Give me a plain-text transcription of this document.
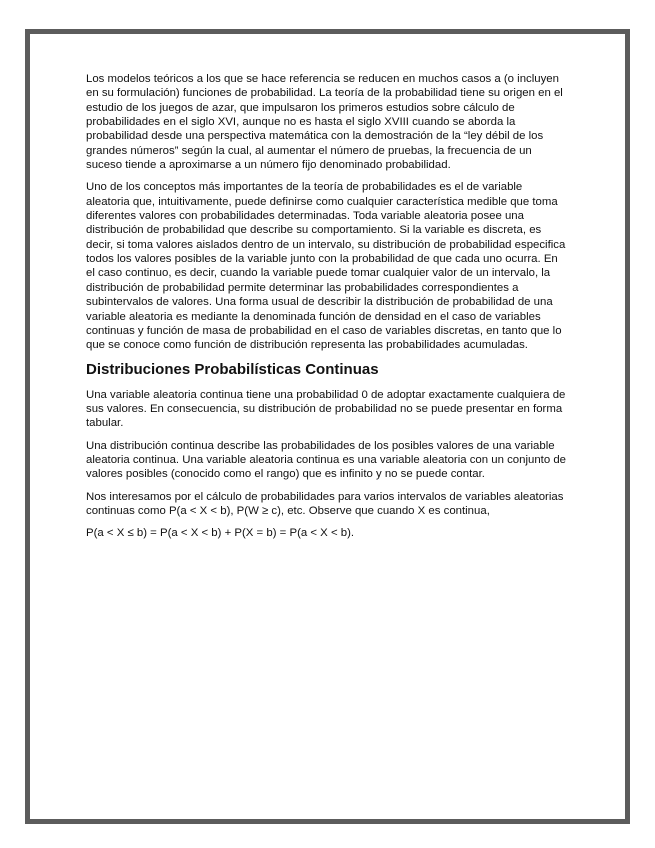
Los modelos teóricos a los que se hace referencia se reducen en muchos casos a (o incluyen en su formulación) funciones de probabilidad. La teoría de la probabilidad tiene su origen en el estudio de los juegos de azar, que impulsaron los primeros estudios sobre cálculo de probabilidades en el siglo XVI, aunque no es hasta el siglo XVIII cuando se aborda la probabilidad desde una perspectiva matemática con la demostración de la “ley débil de los grandes números” según la cual, al aumentar el número de pruebas, la frecuencia de un suceso tiende a aproximarse a un número fijo denominado probabilidad.

Uno de los conceptos más importantes de la teoría de probabilidades es el de variable aleatoria que, intuitivamente, puede definirse como cualquier característica medible que toma diferentes valores con probabilidades determinadas. Toda variable aleatoria posee una distribución de probabilidad que describe su comportamiento. Si la variable es discreta, es decir, si toma valores aislados dentro de un intervalo, su distribución de probabilidad especifica todos los valores posibles de la variable junto con la probabilidad de que cada uno ocurra. En el caso continuo, es decir, cuando la variable puede tomar cualquier valor de un intervalo, la distribución de probabilidad permite determinar las probabilidades correspondientes a subintervalos de valores. Una forma usual de describir la distribución de probabilidad de una variable aleatoria es mediante la denominada función de densidad en el caso de variables continuas y función de masa de probabilidad en el caso de variables discretas, en tanto que lo que se conoce como función de distribución representa las probabilidades acumuladas.

Distribuciones Probabilísticas Continuas

Una variable aleatoria continua tiene una probabilidad 0 de adoptar exactamente cualquiera de sus valores. En consecuencia, su distribución de probabilidad no se puede presentar en forma tabular.

Una distribución continua describe las probabilidades de los posibles valores de una variable aleatoria continua. Una variable aleatoria continua es una variable aleatoria con un conjunto de valores posibles (conocido como el rango) que es infinito y no se puede contar.

Nos interesamos por el cálculo de probabilidades para varios intervalos de variables aleatorias continuas como P(a < X < b), P(W ≥ c), etc. Observe que cuando X es continua,

P(a < X ≤ b) = P(a < X < b) + P(X = b) = P(a < X < b).
